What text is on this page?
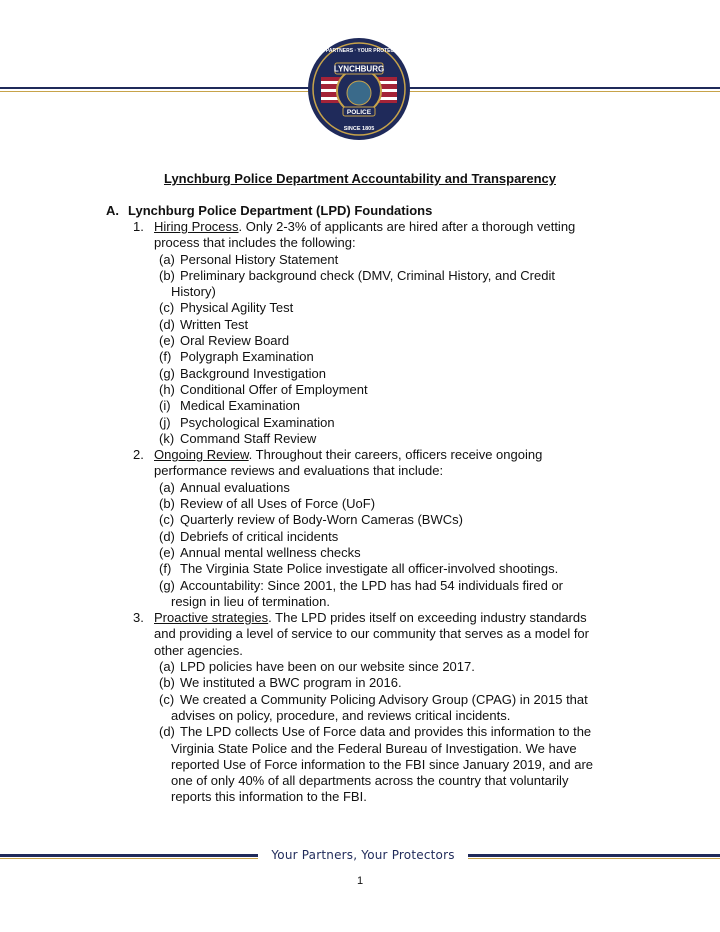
LYNCHBURG
POLICE
SINCE 1805
YOUR PARTNERS · YOUR PROTECTORS
Lynchburg Police Department Accountability and Transparency
A. Lynchburg Police Department (LPD) Foundations
1. Hiring Process. Only 2-3% of applicants are hired after a thorough vetting
process that includes the following:
(a) Personal History Statement
(b) Preliminary background check (DMV, Criminal History, and Credit
History)
(c) Physical Agility Test
(d) Written Test
(e) Oral Review Board
(f) Polygraph Examination
(g) Background Investigation
(h) Conditional Offer of Employment
(i) Medical Examination
(j) Psychological Examination
(k) Command Staff Review
2. Ongoing Review. Throughout their careers, officers receive ongoing
performance reviews and evaluations that include:
(a) Annual evaluations
(b) Review of all Uses of Force (UoF)
(c) Quarterly review of Body-Worn Cameras (BWCs)
(d) Debriefs of critical incidents
(e) Annual mental wellness checks
(f) The Virginia State Police investigate all officer-involved shootings.
(g) Accountability: Since 2001, the LPD has had 54 individuals fired or
resign in lieu of termination.
3. Proactive strategies. The LPD prides itself on exceeding industry standards
and providing a level of service to our community that serves as a model for
other agencies.
(a) LPD policies have been on our website since 2017.
(b) We instituted a BWC program in 2016.
(c) We created a Community Policing Advisory Group (CPAG) in 2015 that
advises on policy, procedure, and reviews critical incidents.
(d) The LPD collects Use of Force data and provides this information to the
Virginia State Police and the Federal Bureau of Investigation. We have
reported Use of Force information to the FBI since January 2019, and are
one of only 40% of all departments across the country that voluntarily
reports this information to the FBI.
Your Partners, Your Protectors
1
